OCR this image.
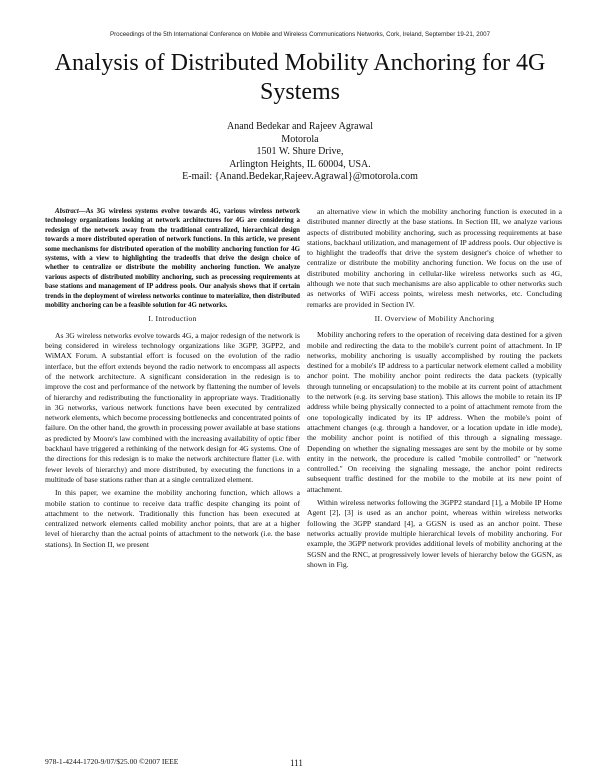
Proceedings of the 5th International Conference on Mobile and Wireless Communications Networks, Cork, Ireland, September 19-21, 2007
Analysis of Distributed Mobility Anchoring for 4G Systems
Anand Bedekar and Rajeev Agrawal
Motorola
1501 W. Shure Drive,
Arlington Heights, IL 60004, USA.
E-mail: {Anand.Bedekar,Rajeev.Agrawal}@motorola.com

Abstract—As 3G wireless systems evolve towards 4G, various wireless network technology organizations looking at network architectures for 4G are considering a redesign of the network away from the traditional centralized, hierarchical design towards a more distributed operation of network functions. In this article, we present some mechanisms for distributed operation of the mobility anchoring function for 4G systems, with a view to highlighting the tradeoffs that drive the design choice of whether to centralize or distribute the mobility anchoring function. We analyze various aspects of distributed mobility anchoring, such as processing requirements at base stations and management of IP address pools. Our analysis shows that if certain trends in the deployment of wireless networks continue to materialize, then distributed mobility anchoring can be a feasible solution for 4G networks.

I. Introduction

As 3G wireless networks evolve towards 4G, a major redesign of the network is being considered in wireless technology organizations like 3GPP, 3GPP2, and WiMAX Forum. A substantial effort is focused on the evolution of the radio interface, but the effort extends beyond the radio network to encompass all aspects of the network architecture. A significant consideration in the redesign is to improve the cost and performance of the network by flattening the number of levels of hierarchy and redistributing the functionality in appropriate ways. Traditionally in 3G networks, various network functions have been executed by centralized network elements, which become processing bottlenecks and concentrated points of failure. On the other hand, the growth in processing power available at base stations as predicted by Moore's law combined with the increasing availability of optic fiber backhaul have triggered a rethinking of the network design for 4G systems. One of the directions for this redesign is to make the network architecture flatter (i.e. with fewer levels of hierarchy) and more distributed, by executing the functions in a multitude of base stations rather than at a single centralized element.

In this paper, we examine the mobility anchoring function, which allows a mobile station to continue to receive data traffic despite changing its point of attachment to the network. Traditionally this function has been executed at centralized network elements called mobility anchor points, that are at a higher level of hierarchy than the actual points of attachment to the network (i.e. the base stations). In Section II, we present

an alternative view in which the mobility anchoring function is executed in a distributed manner directly at the base stations. In Section III, we analyze various aspects of distributed mobility anchoring, such as processing requirements at base stations, backhaul utilization, and management of IP address pools. Our objective is to highlight the tradeoffs that drive the system designer's choice of whether to centralize or distribute the mobility anchoring function. We focus on the use of distributed mobility anchoring in cellular-like wireless networks such as 4G, although we note that such mechanisms are also applicable to other networks such as networks of WiFi access points, wireless mesh networks, etc. Concluding remarks are provided in Section IV.

II. Overview of Mobility Anchoring

Mobility anchoring refers to the operation of receiving data destined for a given mobile and redirecting the data to the mobile's current point of attachment. In IP networks, mobility anchoring is usually accomplished by routing the packets destined for a mobile's IP address to a particular network element called a mobility anchor point. The mobility anchor point redirects the data packets (typically through tunneling or encapsulation) to the mobile at its current point of attachment to the network (e.g. its serving base station). This allows the mobile to retain its IP address while being physically connected to a point of attachment remote from the one topologically indicated by its IP address. When the mobile's point of attachment changes (e.g. through a handover, or a location update in idle mode), the mobility anchor point is notified of this through a signaling message. Depending on whether the signaling messages are sent by the mobile or by some entity in the network, the procedure is called "mobile controlled" or "network controlled." On receiving the signaling message, the anchor point redirects subsequent traffic destined for the mobile to the mobile at its new point of attachment.

Within wireless networks following the 3GPP2 standard [1], a Mobile IP Home Agent [2], [3] is used as an anchor point, whereas within wireless networks following the 3GPP standard [4], a GGSN is used as an anchor point. These networks actually provide multiple hierarchical levels of mobility anchoring. For example, the 3GPP network provides additional levels of mobility anchoring at the SGSN and the RNC, at progressively lower levels of hierarchy below the GGSN, as shown in Fig.

978-1-4244-1720-9/07/$25.00 ©2007 IEEE	111
